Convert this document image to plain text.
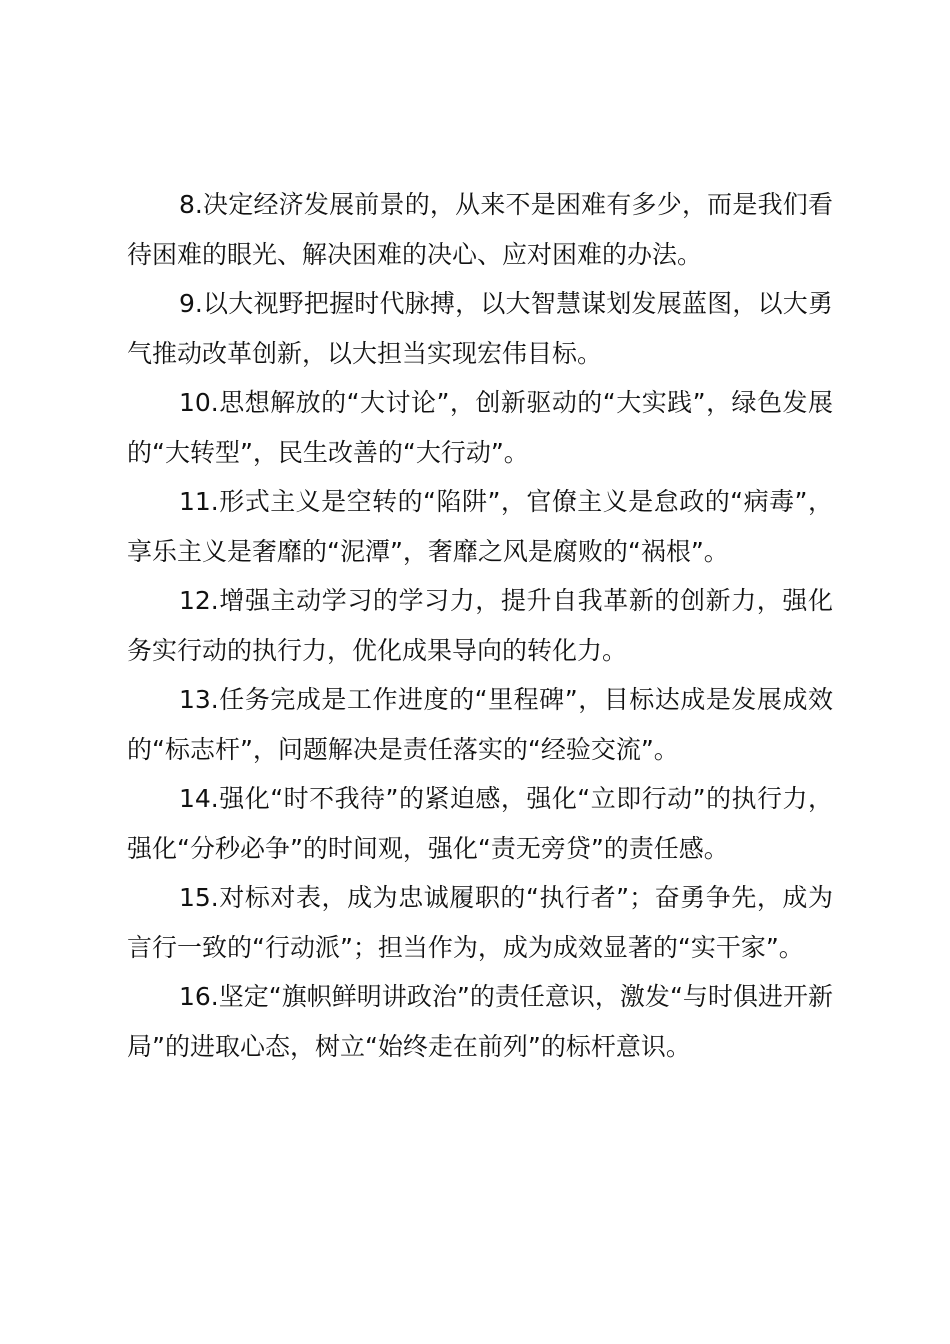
8.决定经济发展前景的，从来不是困难有多少，而是我们看待困难的眼光、解决困难的决心、应对困难的办法。

9.以大视野把握时代脉搏，以大智慧谋划发展蓝图，以大勇气推动改革创新，以大担当实现宏伟目标。

10.思想解放的“大讨论”，创新驱动的“大实践”，绿色发展的“大转型”，民生改善的“大行动”。

11.形式主义是空转的“陷阱”，官僚主义是怠政的“病毒”，享乐主义是奢靡的“泥潭”，奢靡之风是腐败的“祸根”。

12.增强主动学习的学习力，提升自我革新的创新力，强化务实行动的执行力，优化成果导向的转化力。

13.任务完成是工作进度的“里程碑”，目标达成是发展成效的“标志杆”，问题解决是责任落实的“经验交流”。

14.强化“时不我待”的紧迫感，强化“立即行动”的执行力，强化“分秒必争”的时间观，强化“责无旁贷”的责任感。

15.对标对表，成为忠诚履职的“执行者”；奋勇争先，成为言行一致的“行动派”；担当作为，成为成效显著的“实干家”。

16.坚定“旗帜鲜明讲政治”的责任意识，激发“与时俱进开新局”的进取心态，树立“始终走在前列”的标杆意识。
